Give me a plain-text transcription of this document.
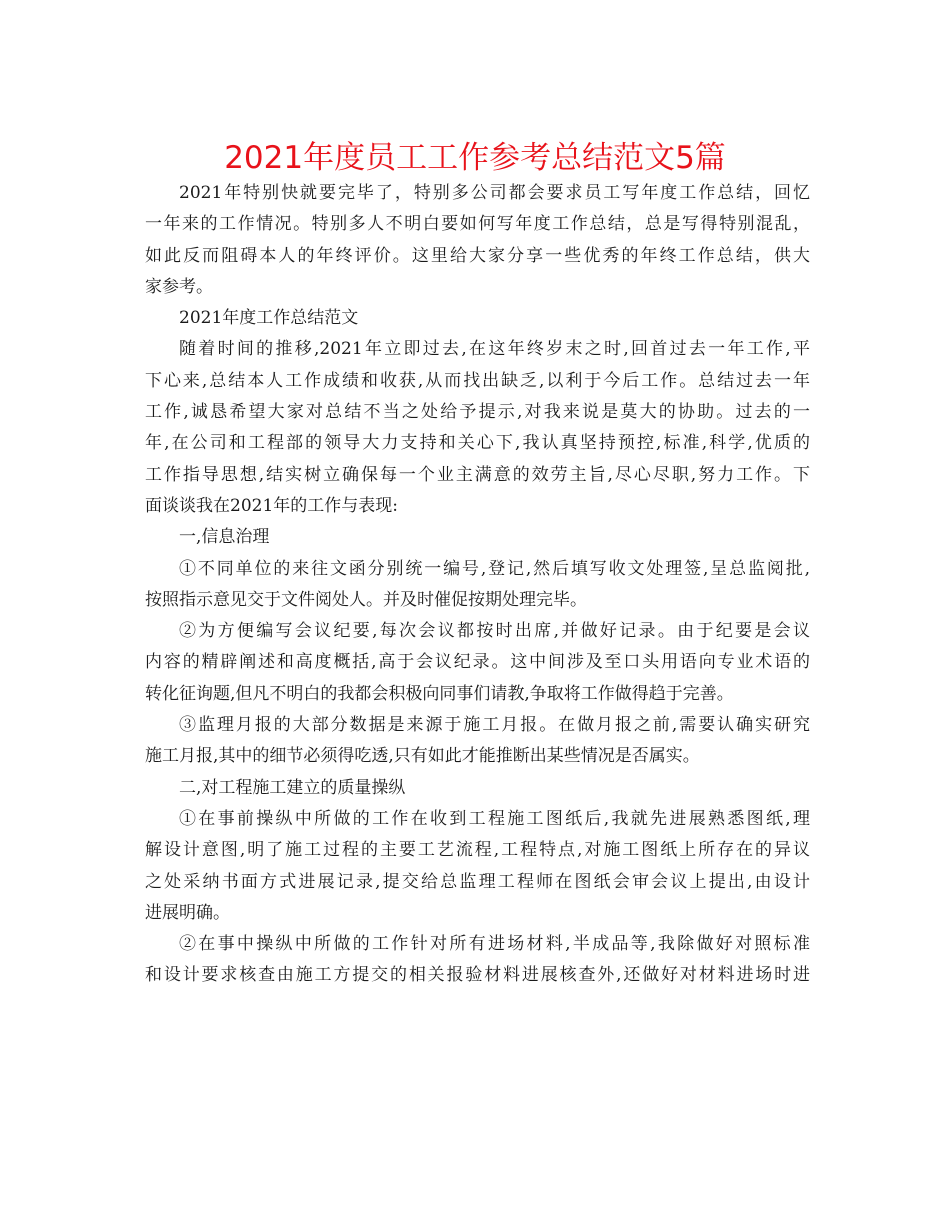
2021年度员工工作参考总结范文5篇
2021年特别快就要完毕了，特别多公司都会要求员工写年度工作总结，回忆
一年来的工作情况。特别多人不明白要如何写年度工作总结，总是写得特别混乱，
如此反而阻碍本人的年终评价。这里给大家分享一些优秀的年终工作总结，供大
家参考。
2021年度工作总结范文
随着时间的推移,2021年立即过去,在这年终岁末之时,回首过去一年工作,平
下心来,总结本人工作成绩和收获,从而找出缺乏,以利于今后工作。总结过去一年
工作,诚恳希望大家对总结不当之处给予提示,对我来说是莫大的协助。过去的一
年,在公司和工程部的领导大力支持和关心下,我认真坚持预控,标准,科学,优质的
工作指导思想,结实树立确保每一个业主满意的效劳主旨,尽心尽职,努力工作。下
面谈谈我在2021年的工作与表现:
一,信息治理
①不同单位的来往文函分别统一编号,登记,然后填写收文处理签,呈总监阅批,
按照指示意见交于文件阅处人。并及时催促按期处理完毕。
②为方便编写会议纪要,每次会议都按时出席,并做好记录。由于纪要是会议
内容的精辟阐述和高度概括,高于会议纪录。这中间涉及至口头用语向专业术语的
转化征询题,但凡不明白的我都会积极向同事们请教,争取将工作做得趋于完善。
③监理月报的大部分数据是来源于施工月报。在做月报之前,需要认确实研究
施工月报,其中的细节必须得吃透,只有如此才能推断出某些情况是否属实。
二,对工程施工建立的质量操纵
①在事前操纵中所做的工作在收到工程施工图纸后,我就先进展熟悉图纸,理
解设计意图,明了施工过程的主要工艺流程,工程特点,对施工图纸上所存在的异议
之处采纳书面方式进展记录,提交给总监理工程师在图纸会审会议上提出,由设计
进展明确。
②在事中操纵中所做的工作针对所有进场材料,半成品等,我除做好对照标准
和设计要求核查由施工方提交的相关报验材料进展核查外,还做好对材料进场时进
